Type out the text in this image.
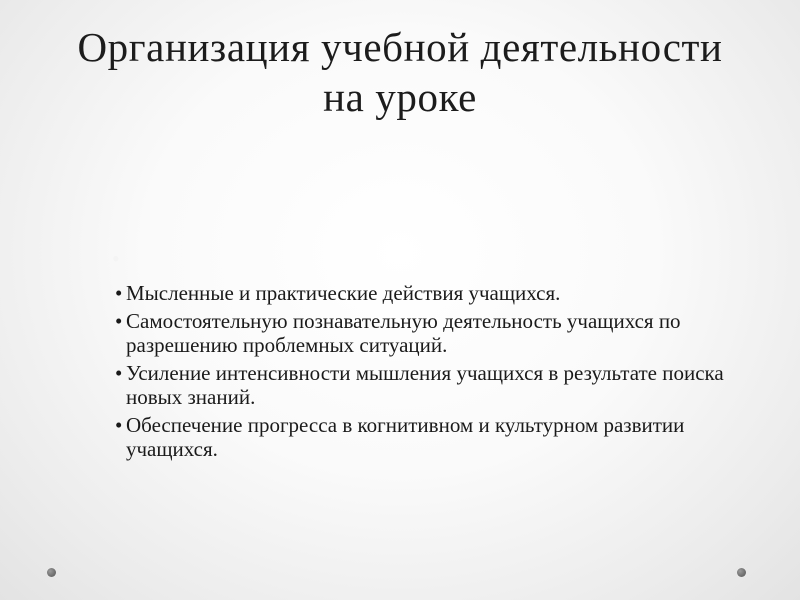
Организация учебной деятельности
на уроке
•
• Мысленные и практические действия учащихся.
• Самостоятельную познавательную деятельность учащихся по разрешению проблемных ситуаций.
• Усиление интенсивности мышления учащихся в результате поиска новых знаний.
• Обеспечение прогресса в когнитивном и культурном развитии учащихся.
